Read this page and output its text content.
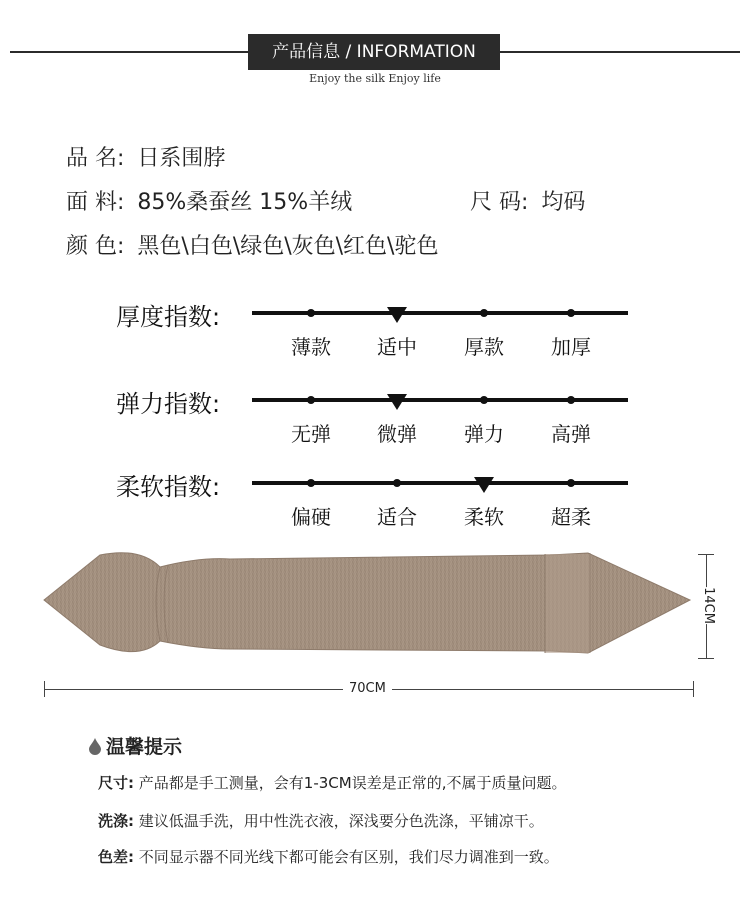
产品信息 / INFORMATION
Enjoy the silk Enjoy life
品 名: 日系围脖
面 料: 85%桑蚕丝 15%羊绒	尺 码: 均码
颜 色: 黑色\白色\绿色\灰色\红色\驼色
厚度指数:
薄款 适中 厚款 加厚
弹力指数:
无弹 微弹 弹力 高弹
柔软指数:
偏硬 适合 柔软 超柔
70CM
14CM
温馨提示
尺寸: 产品都是手工测量，会有1-3CM误差是正常的,不属于质量问题。
洗涤: 建议低温手洗，用中性洗衣液，深浅要分色洗涤，平铺凉干。
色差: 不同显示器不同光线下都可能会有区别，我们尽力调准到一致。
